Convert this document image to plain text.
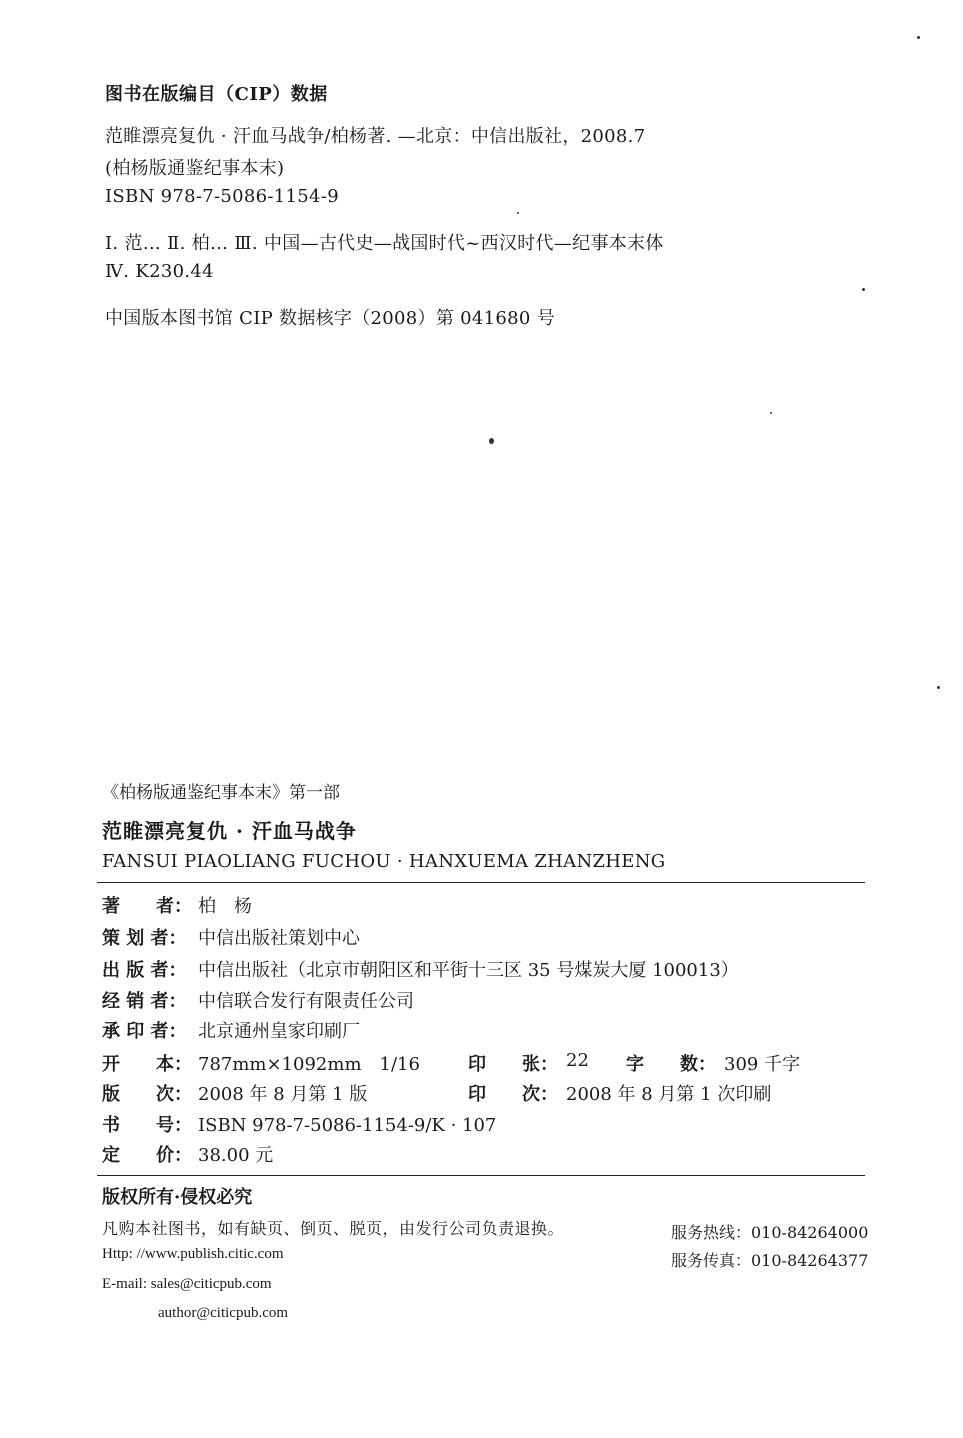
图书在版编目（CIP）数据
范睢漂亮复仇 · 汗血马战争/柏杨著. —北京：中信出版社，2008.7
(柏杨版通鉴纪事本末)
ISBN 978-7-5086-1154-9
Ⅰ. 范… Ⅱ. 柏… Ⅲ. 中国—古代史—战国时代~西汉时代—纪事本末体
Ⅳ. K230.44
中国版本图书馆 CIP 数据核字（2008）第 041680 号
《柏杨版通鉴纪事本末》第一部
范睢漂亮复仇 · 汗血马战争
FANSUI PIAOLIANG FUCHOU · HANXUEMA ZHANZHENG
著　　者： 柏　杨
策 划 者： 中信出版社策划中心
出 版 者： 中信出版社（北京市朝阳区和平街十三区 35 号煤炭大厦 100013）
经 销 者： 中信联合发行有限责任公司
承 印 者： 北京通州皇家印刷厂
开　　本： 787mm×1092mm　1/16	印　　张： 22 字　　数： 309 千字
版　　次： 2008 年 8 月第 1 版	印　　次： 2008 年 8 月第 1 次印刷
书　　号： ISBN 978-7-5086-1154-9/K · 107
定　　价： 38.00 元
版权所有·侵权必究
凡购本社图书，如有缺页、倒页、脱页，由发行公司负责退换。	服务热线：010-84264000
服务传真：010-84264377
Http: //www.publish.citic.com
E-mail: sales@citicpub.com
author@citicpub.com
